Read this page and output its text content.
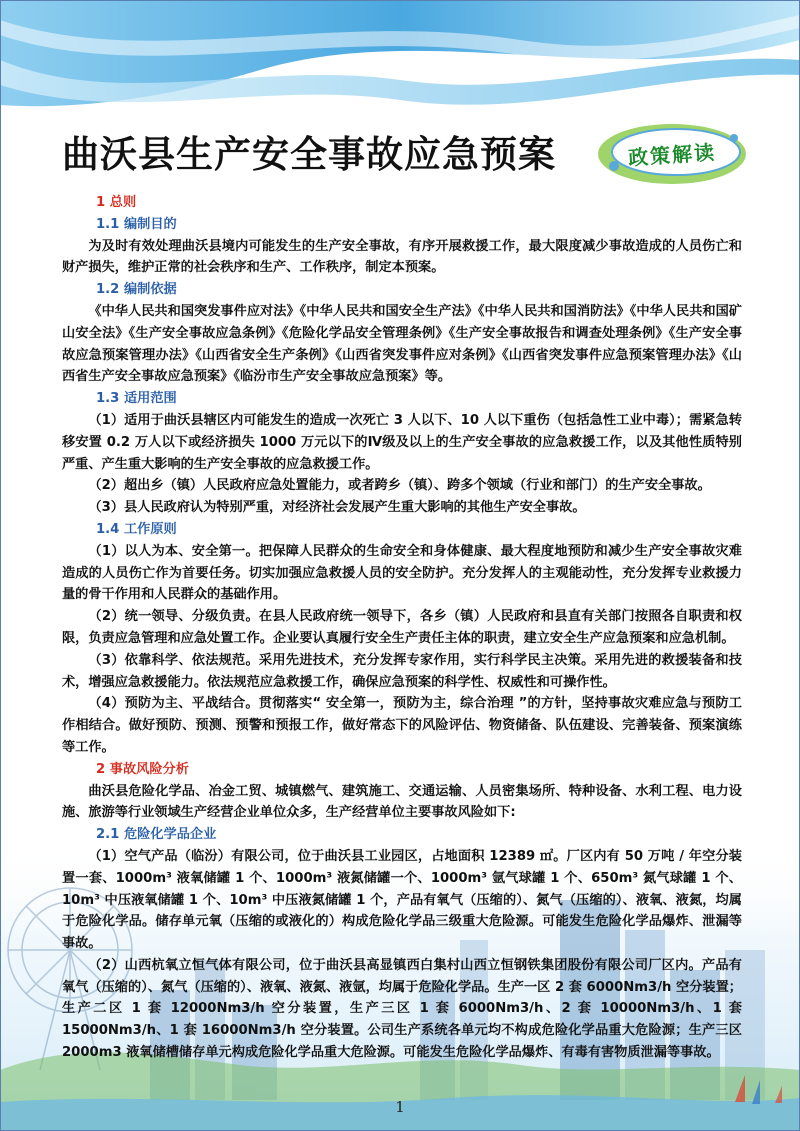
曲沃县生产安全事故应急预案	政策解读
1 总则
1.1 编制目的

为及时有效处理曲沃县境内可能发生的生产安全事故，有序开展救援工作，最大限度减少事故造成的人员伤亡和财产损失，维护正常的社会秩序和生产、工作秩序，制定本预案。

1.2 编制依据

《中华人民共和国突发事件应对法》《中华人民共和国安全生产法》《中华人民共和国消防法》《中华人民共和国矿山安全法》《生产安全事故应急条例》《危险化学品安全管理条例》《生产安全事故报告和调查处理条例》《生产安全事故应急预案管理办法》《山西省安全生产条例》《山西省突发事件应对条例》《山西省突发事件应急预案管理办法》《山西省生产安全事故应急预案》《临汾市生产安全事故应急预案》等。

1.3 适用范围

（1）适用于曲沃县辖区内可能发生的造成一次死亡 3 人以下、10 人以下重伤（包括急性工业中毒）；需紧急转移安置 0.2 万人以下或经济损失 1000 万元以下的Ⅳ级及以上的生产安全事故的应急救援工作，以及其他性质特别严重、产生重大影响的生产安全事故的应急救援工作。

（2）超出乡（镇）人民政府应急处置能力，或者跨乡（镇）、跨多个领域（行业和部门）的生产安全事故。

（3）县人民政府认为特别严重，对经济社会发展产生重大影响的其他生产安全事故。

1.4 工作原则

（1）以人为本、安全第一。把保障人民群众的生命安全和身体健康、最大程度地预防和减少生产安全事故灾难造成的人员伤亡作为首要任务。切实加强应急救援人员的安全防护。充分发挥人的主观能动性，充分发挥专业救援力量的骨干作用和人民群众的基础作用。

（2）统一领导、分级负责。在县人民政府统一领导下，各乡（镇）人民政府和县直有关部门按照各自职责和权限，负责应急管理和应急处置工作。企业要认真履行安全生产责任主体的职责，建立安全生产应急预案和应急机制。

（3）依靠科学、依法规范。采用先进技术，充分发挥专家作用，实行科学民主决策。采用先进的救援装备和技术，增强应急救援能力。依法规范应急救援工作，确保应急预案的科学性、权威性和可操作性。

（4）预防为主、平战结合。贯彻落实“ 安全第一，预防为主，综合治理 ”的方针，坚持事故灾难应急与预防工作相结合。做好预防、预测、预警和预报工作，做好常态下的风险评估、物资储备、队伍建设、完善装备、预案演练等工作。

2 事故风险分析

曲沃县危险化学品、冶金工贸、城镇燃气、建筑施工、交通运输、人员密集场所、特种设备、水利工程、电力设施、旅游等行业领域生产经营企业单位众多，生产经营单位主要事故风险如下:

2.1 危险化学品企业

（1）空气产品（临汾）有限公司，位于曲沃县工业园区，占地面积 12389 ㎡。厂区内有 50 万吨 / 年空分装置一套、1000m³ 液氧储罐 1 个、1000m³ 液氮储罐一个、1000m³ 氩气球罐 1 个、650m³ 氮气球罐 1 个、10m³ 中压液氧储罐 1 个、10m³ 中压液氮储罐 1 个，产品有氧气（压缩的）、氮气（压缩的）、液氧、液氮，均属于危险化学品。储存单元氧（压缩的或液化的）构成危险化学品三级重大危险源。可能发生危险化学品爆炸、泄漏等事故。

（2）山西杭氧立恒气体有限公司，位于曲沃县高显镇西白集村山西立恒钢铁集团股份有限公司厂区内。产品有氧气（压缩的）、氮气（压缩的）、液氧、液氮、液氩，均属于危险化学品。生产一区 2 套 6000Nm3/h 空分装置；生产二区 1 套 12000Nm3/h 空分装置，生产三区 1 套 6000Nm3/h、2 套 10000Nm3/h、1 套 15000Nm3/h、1 套 16000Nm3/h 空分装置。公司生产系统各单元均不构成危险化学品重大危险源；生产三区 2000m3 液氧储槽储存单元构成危险化学品重大危险源。可能发生危险化学品爆炸、有毒有害物质泄漏等事故。

1
